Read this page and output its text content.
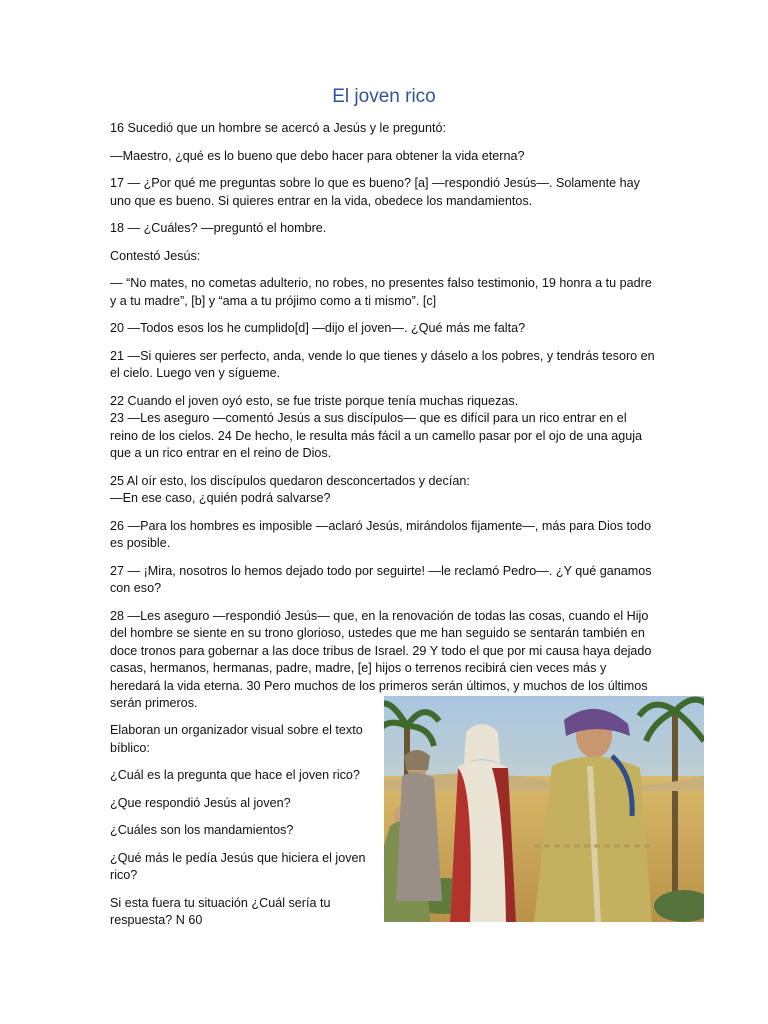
El joven rico

16 Sucedió que un hombre se acercó a Jesús y le preguntó:

—Maestro, ¿qué es lo bueno que debo hacer para obtener la vida eterna?

17 — ¿Por qué me preguntas sobre lo que es bueno? [a] —respondió Jesús—. Solamente hay uno que es bueno. Si quieres entrar en la vida, obedece los mandamientos.

18 — ¿Cuáles? —preguntó el hombre.

Contestó Jesús:

— “No mates, no cometas adulterio, no robes, no presentes falso testimonio, 19 honra a tu padre y a tu madre”, [b] y “ama a tu prójimo como a ti mismo”. [c]

20 —Todos esos los he cumplido[d] —dijo el joven—. ¿Qué más me falta?

21 —Si quieres ser perfecto, anda, vende lo que tienes y dáselo a los pobres, y tendrás tesoro en el cielo. Luego ven y sígueme.

22 Cuando el joven oyó esto, se fue triste porque tenía muchas riquezas.

23 —Les aseguro —comentó Jesús a sus discípulos— que es difícil para un rico entrar en el reino de los cielos. 24 De hecho, le resulta más fácil a un camello pasar por el ojo de una aguja que a un rico entrar en el reino de Dios.

25 Al oír esto, los discípulos quedaron desconcertados y decían:

—En ese caso, ¿quién podrá salvarse?

26 —Para los hombres es imposible —aclaró Jesús, mirándolos fijamente—, más para Dios todo es posible.

27 — ¡Mira, nosotros lo hemos dejado todo por seguirte! —le reclamó Pedro—. ¿Y qué ganamos con eso?

28 —Les aseguro —respondió Jesús— que, en la renovación de todas las cosas, cuando el Hijo del hombre se siente en su trono glorioso, ustedes que me han seguido se sentarán también en doce tronos para gobernar a las doce tribus de Israel. 29 Y todo el que por mi causa haya dejado casas, hermanos, hermanas, padre, madre, [e] hijos o terrenos recibirá cien veces más y heredará la vida eterna. 30 Pero muchos de los primeros serán últimos, y muchos de los últimos serán primeros.

Elaboran un organizador visual sobre el texto bíblico:

¿Cuál es la pregunta que hace el joven rico?

¿Que respondió Jesús al joven?

¿Cuáles son los mandamientos?

¿Qué más le pedía Jesús que hiciera el joven rico?

Si esta fuera tu situación ¿Cuál sería tu respuesta? N 60
